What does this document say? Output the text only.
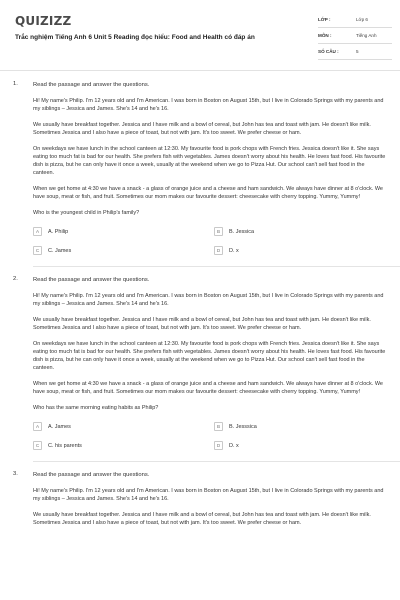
QUIZIZZ
Trắc nghiệm Tiếng Anh 6 Unit 5 Reading đọc hiểu: Food and Health có đáp án
LỚP :	Lớp 6
MÔN :	Tiếng Anh
SỐ CÂU :	5
1.	Read the passage and answer the questions.

Hi! My name's Philip. I'm 12 years old and I'm American. I was born in Boston on August 15th, but I live in Colorado Springs with my parents and my siblings – Jessica and James. She's 14 and he's 16.

We usually have breakfast together. Jessica and I have milk and a bowl of cereal, but John has tea and toast with jam. He doesn't like milk. Sometimes Jessica and I also have a piece of toast, but not with jam. It's too sweet. We prefer cheese or ham.

On weekdays we have lunch in the school canteen at 12:30. My favourite food is pork chops with French fries. Jessica doesn't like it. She says eating too much fat is bad for our health. She prefers fish with vegetables. James doesn't worry about his health. He loves fast food. His favourite dish is pizza, but he can only have it once a week, usually at the weekend when we go to Pizza Hut. Our school can't sell fast food in the canteen.

When we get home at 4:30 we have a snack - a glass of orange juice and a cheese and ham sandwich. We always have dinner at 8 o'clock. We have soup, meat or fish, and fruit. Sometimes our mom makes our favourite dessert: cheesecake with cherry topping. Yummy, Yummy!

Who is the youngest child in Philip's family?

A	A. Philip	B	B. Jessica
C	C. James	D	D. x
2.	Read the passage and answer the questions.

Hi! My name's Philip. I'm 12 years old and I'm American. I was born in Boston on August 15th, but I live in Colorado Springs with my parents and my siblings – Jessica and James. She's 14 and he's 16.

We usually have breakfast together. Jessica and I have milk and a bowl of cereal, but John has tea and toast with jam. He doesn't like milk. Sometimes Jessica and I also have a piece of toast, but not with jam. It's too sweet. We prefer cheese or ham.

On weekdays we have lunch in the school canteen at 12:30. My favourite food is pork chops with French fries. Jessica doesn't like it. She says eating too much fat is bad for our health. She prefers fish with vegetables. James doesn't worry about his health. He loves fast food. His favourite dish is pizza, but he can only have it once a week, usually at the weekend when we go to Pizza Hut. Our school can't sell fast food in the canteen.

When we get home at 4:30 we have a snack - a glass of orange juice and a cheese and ham sandwich. We always have dinner at 8 o'clock. We have soup, meat or fish, and fruit. Sometimes our mom makes our favourite dessert: cheesecake with cherry topping. Yummy, Yummy!

Who has the same morning eating habits as Philip?

A	A. James	B	B. Jesssica
C	C. his parents	D	D. x
3.	Read the passage and answer the questions.

Hi! My name's Philip. I'm 12 years old and I'm American. I was born in Boston on August 15th, but I live in Colorado Springs with my parents and my siblings – Jessica and James. She's 14 and he's 16.

We usually have breakfast together. Jessica and I have milk and a bowl of cereal, but John has tea and toast with jam. He doesn't like milk. Sometimes Jessica and I also have a piece of toast, but not with jam. It's too sweet. We prefer cheese or ham.
